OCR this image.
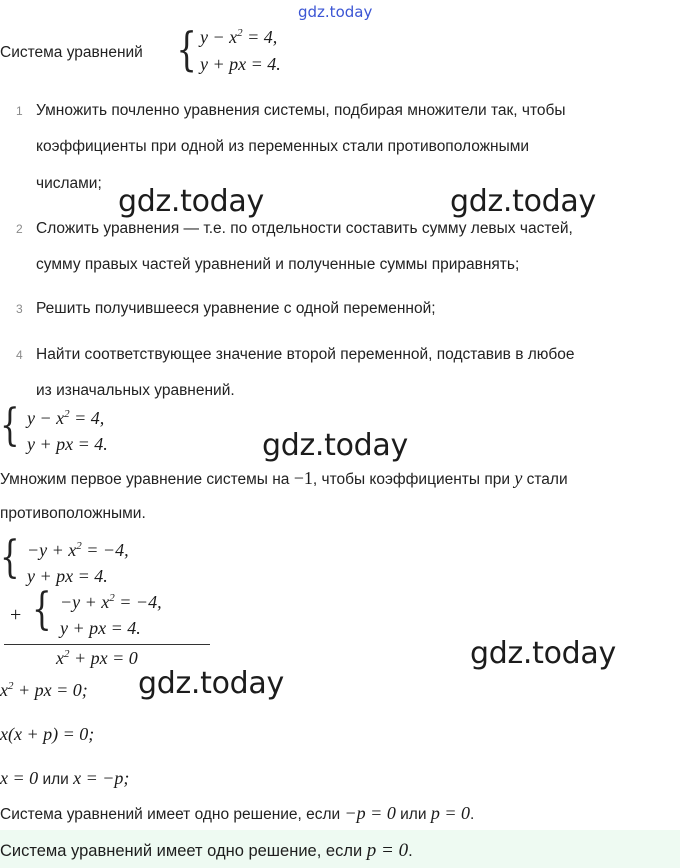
gdz.today
Система уравнений { $y - x^2 = 4$,
y + px = 4.
1 Умножить почленно уравнения системы, подбирая множители так, чтобы
коэффициенты при одной из переменных стали противоположными
числами;
2 Сложить уравнения — т.е. по отдельности составить сумму левых частей,
сумму правых частей уравнений и полученные суммы приравнять;
3 Решить получившееся уравнение с одной переменной;
4 Найти соответствующее значение второй переменной, подставив в любое
из изначальных уравнений.
gdz.today	gdz.today
gdz.today
gdz.today
gdz.today
{ $y - x^2 = 4$,
y + px = 4.
Умножим первое уравнение системы на −1, чтобы коэффициенты при y стали
противоположными.
{ $-y + x^2 = -4$,
y + px = 4.
+ { $-y + x^2 = -4$,
y + px = 4.
$x^2$ + px = 0
$x^2$ + px = 0;
x(x + p) = 0;
x = 0 или x = −p;
Система уравнений имеет одно решение, если −p = 0 или p = 0.
Система уравнений имеет одно решение, если p = 0.
